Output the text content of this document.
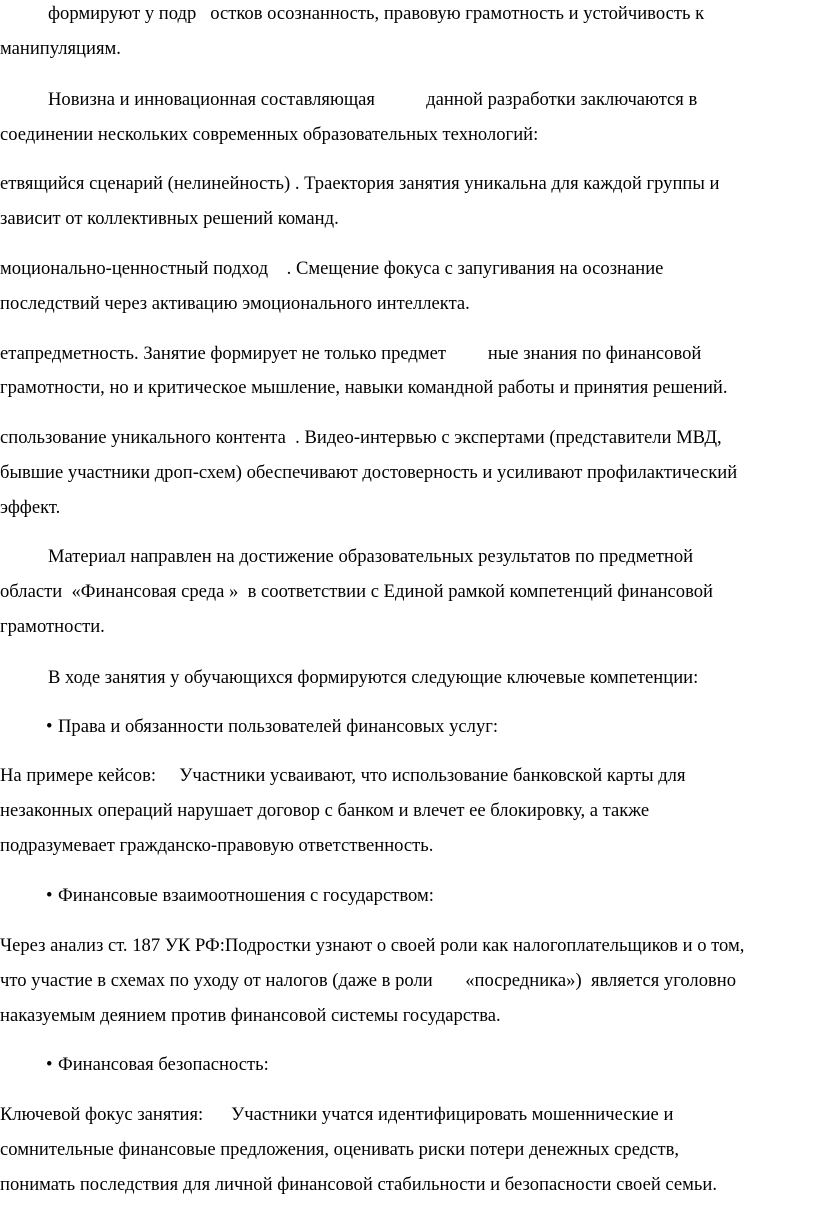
формируют у подр   остков осознанность, правовую грамотность и устойчивость к
манипуляциям.
Новизна и инновационная составляющая           данной разработки заключаются в
соединении нескольких современных образовательных технологий:
етвящийся сценарий (нелинейность) . Траектория занятия уникальна для каждой группы и
зависит от коллективных решений команд.
моционально-ценностный подход    . Смещение фокуса с запугивания на осознание
последствий через активацию эмоционального интеллекта.
етапредметность. Занятие формирует не только предмет         ные знания по финансовой
грамотности, но и критическое мышление, навыки командной работы и принятия решений.
спользование уникального контента  . Видео-интервью с экспертами (представители МВД,
бывшие участники дроп-схем) обеспечивают достоверность и усиливают профилактический
эффект.
Материал направлен на достижение образовательных результатов по предметной
области  «Финансовая среда »  в соответствии с Единой рамкой компетенций финансовой
грамотности.
В ходе занятия у обучающихся формируются следующие ключевые компетенции:
• Права и обязанности пользователей финансовых услуг:
На примере кейсов:     Участники усваивают, что использование банковской карты для
незаконных операций нарушает договор с банком и влечет ее блокировку, а также
подразумевает гражданско-правовую ответственность.
• Финансовые взаимоотношения с государством:
Через анализ ст. 187 УК РФ:Подростки узнают о своей роли как налогоплательщиков и о том,
что участие в схемах по уходу от налогов (даже в роли       «посредника»)  является уголовно
наказуемым деянием против финансовой системы государства.
• Финансовая безопасность:
Ключевой фокус занятия:      Участники учатся идентифицировать мошеннические и
сомнительные финансовые предложения, оценивать риски потери денежных средств,
понимать последствия для личной финансовой стабильности и безопасности своей семьи.
